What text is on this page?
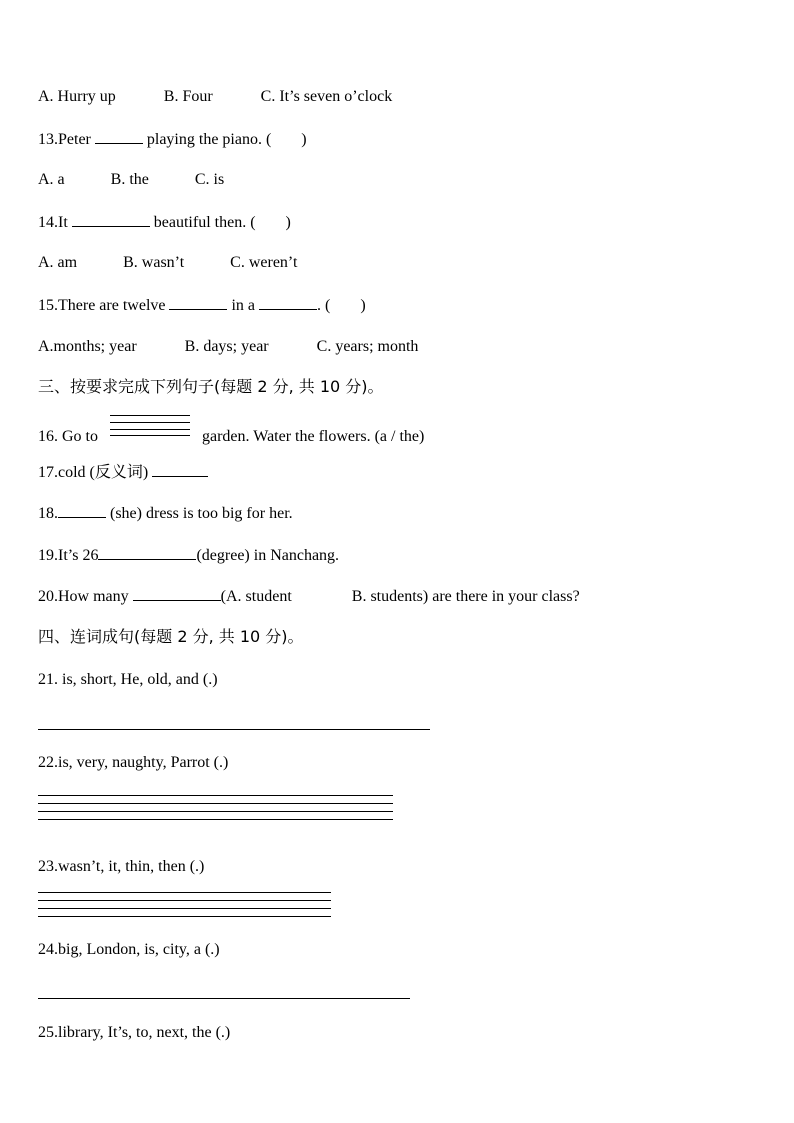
A. Hurry up	B. Four	C. It’s seven o’clock
13.Peter	playing the piano. ( )
A. a	B. the	C. is
14.It	beautiful then. ( )
A. am	B. wasn’t	C. weren’t
15.There are twelve	in a	. ( )
A.months; year	B. days; year	C. years; month
三、按要求完成下列句子(每题 2 分, 共 10 分)。
16. Go to	garden. Water the flowers. (a / the)
17.cold (反义词)
18.	(she) dress is too big for her.
19.It’s 26	(degree) in Nanchang.
20.How many	(A. student	B. students) are there in your class?
四、连词成句(每题 2 分, 共 10 分)。
21. is, short, He, old, and (.)
22.is, very, naughty, Parrot (.)
23.wasn’t, it, thin, then (.)
24.big, London, is, city, a (.)
25.library, It’s, to, next, the (.)
